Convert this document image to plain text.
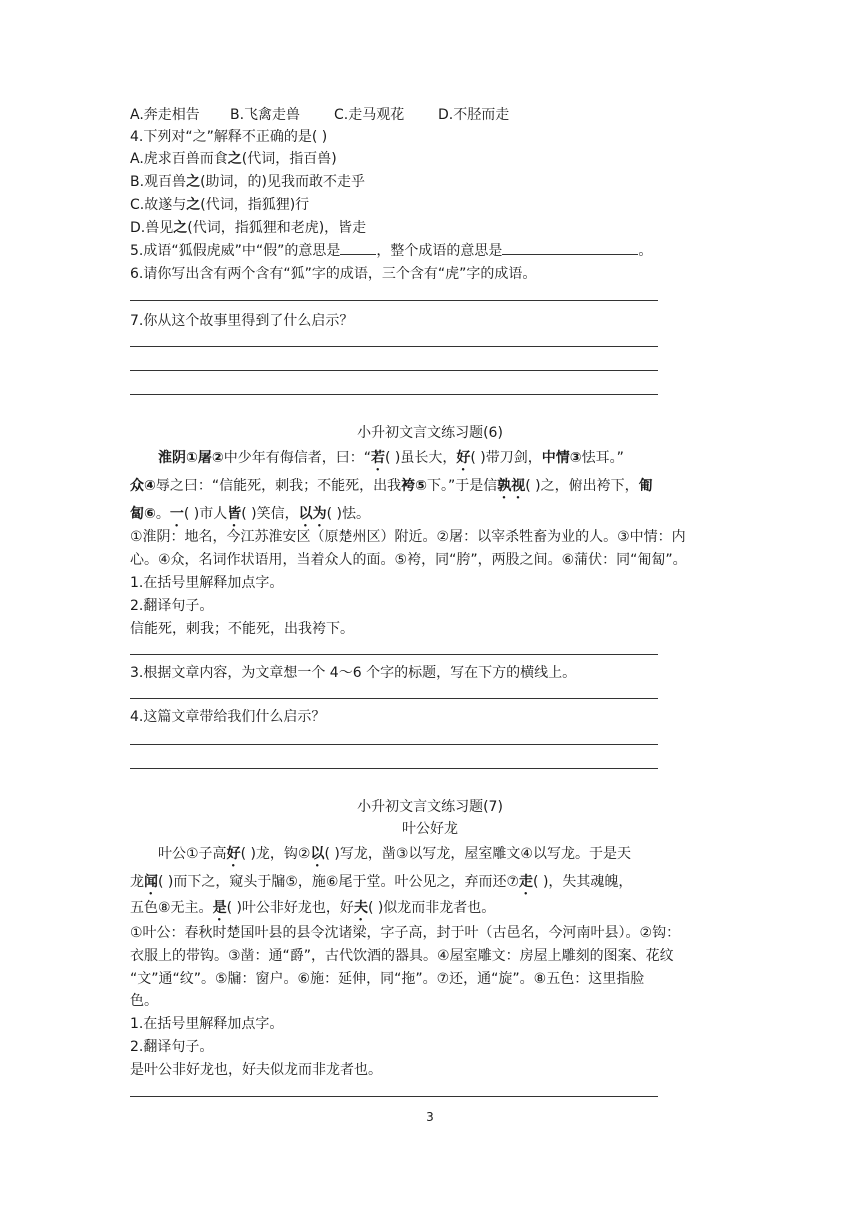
A.奔走相告 B.飞禽走兽 C.走马观花 D.不胫而走
4.下列对“之”解释不正确的是( )
A.虎求百兽而食之(代词，指百兽)
B.观百兽之(助词，的)见我而敢不走乎
C.故遂与之(代词，指狐狸)行
D.兽见之(代词，指狐狸和老虎)，皆走
5.成语“狐假虎威”中“假”的意思是	，整个成语的意思是	。
6.请你写出含有两个含有“狐”字的成语，三个含有“虎”字的成语。
7.你从这个故事里得到了什么启示？
小升初文言文练习题(6)
淮阴①屠②中少年有侮信者，曰：“若( )虽长大，好( )带刀剑，中情③怯耳。”
众④辱之曰：“信能死，刺我；不能死，出我袴⑤下。”于是信孰视( )之，俯出袴下，匍
匐⑥。一( )市人皆( )笑信，以为( )怯。
①淮阴：地名，今江苏淮安区（原楚州区）附近。②屠：以宰杀牲畜为业的人。③中情：内
心。④众，名词作状语用，当着众人的面。⑤袴，同“胯”，两股之间。⑥蒲伏：同“匍匐”。
1.在括号里解释加点字。
2.翻译句子。
信能死，刺我；不能死，出我袴下。
3.根据文章内容，为文章想一个 4～6 个字的标题，写在下方的横线上。
4.这篇文章带给我们什么启示？
小升初文言文练习题(7)
叶公好龙
叶公①子高好( )龙，钩②以( )写龙，凿③以写龙，屋室雕文④以写龙。于是天
龙闻( )而下之，窥头于牖⑤，施⑥尾于堂。叶公见之，弃而还⑦走( )，失其魂魄，
五色⑧无主。是( )叶公非好龙也，好夫( )似龙而非龙者也。
①叶公：春秋时楚国叶县的县令沈诸梁，字子高，封于叶（古邑名，今河南叶县）。②钩：
衣服上的带钩。③凿：通“爵”，古代饮酒的器具。④屋室雕文：房屋上雕刻的图案、花纹
“文”通“纹”。⑤牖：窗户。⑥施：延伸，同“拖”。⑦还，通“旋”。⑧五色：这里指脸
色。
1.在括号里解释加点字。
2.翻译句子。
是叶公非好龙也，好夫似龙而非龙者也。
3
